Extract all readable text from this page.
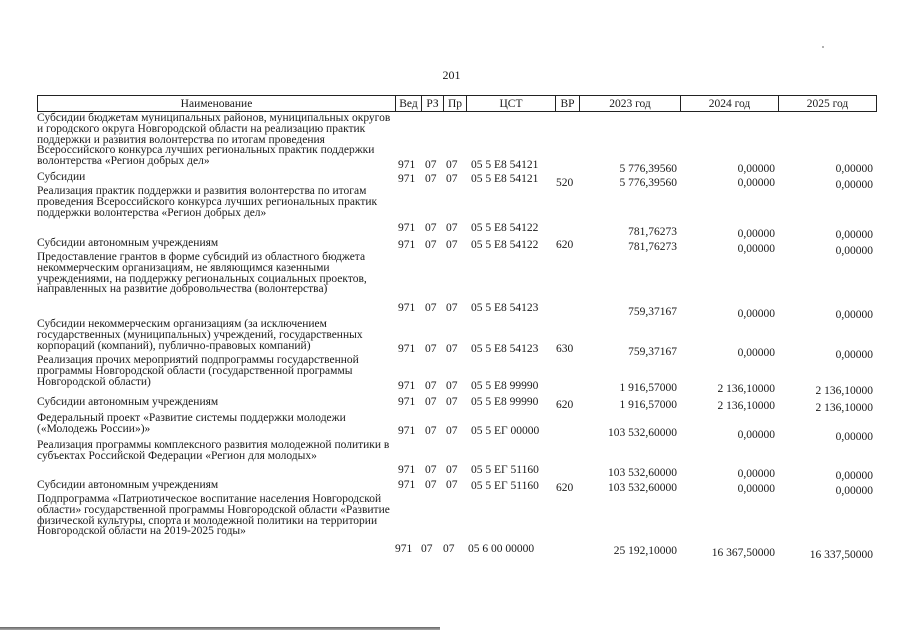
201
Наименование	Вед РЗ Пр	ЦСТ	ВР	2023 год	2024 год	2025 год
Субсидии бюджетам муниципальных районов, муниципальных округов и городского округа Новгородской области на реализацию практик поддержки и развития волонтерства по итогам проведения Всероссийского конкурса лучших региональных практик поддержки волонтерства «Регион добрых дел»	971 07 07 05 5 Е8 54121	5 776,39560	0,00000	0,00000
Субсидии	971 07 07 05 5 Е8 54121 520	5 776,39560	0,00000	0,00000
Реализация практик поддержки и развития волонтерства по итогам проведения Всероссийского конкурса лучших региональных практик поддержки волонтерства «Регион добрых дел»
971 07 07 05 5 Е8 54122	781,76273	0,00000	0,00000
Субсидии автономным учреждениям	971 07 07 05 5 Е8 54122 620	781,76273	0,00000	0,00000
Предоставление грантов в форме субсидий из областного бюджета некоммерческим организациям, не являющимся казенными учреждениями, на поддержку региональных социальных проектов, направленных на развитие добровольчества (волонтерства)
971 07 07 05 5 Е8 54123	759,37167	0,00000	0,00000
Субсидии некоммерческим организациям (за исключением государственных (муниципальных) учреждений, государственных корпораций (компаний), публично-правовых компаний)	971 07 07 05 5 Е8 54123 630	759,37167	0,00000	0,00000
Реализация прочих мероприятий подпрограммы государственной программы Новгородской области (государственной программы Новгородской области)	971 07 07 05 5 Е8 99990	1 916,57000	2 136,10000	2 136,10000
Субсидии автономным учреждениям	971 07 07 05 5 Е8 99990 620	1 916,57000	2 136,10000	2 136,10000
Федеральный проект «Развитие системы поддержки молодежи («Молодежь России»)»	971 07 07 05 5 ЕГ 00000	103 532,60000	0,00000	0,00000
Реализация программы комплексного развития молодежной политики в субъектах Российской Федерации «Регион для молодых»
971 07 07 05 5 ЕГ 51160	103 532,60000	0,00000	0,00000
Субсидии автономным учреждениям	971 07 07 05 5 ЕГ 51160 620	103 532,60000	0,00000	0,00000
Подпрограмма «Патриотическое воспитание населения Новгородской области» государственной программы Новгородской области «Развитие физической культуры, спорта и молодежной политики на территории Новгородской области на 2019-2025 годы»
971 07 07 05 6 00 00000	25 192,10000	16 367,50000	16 337,50000
